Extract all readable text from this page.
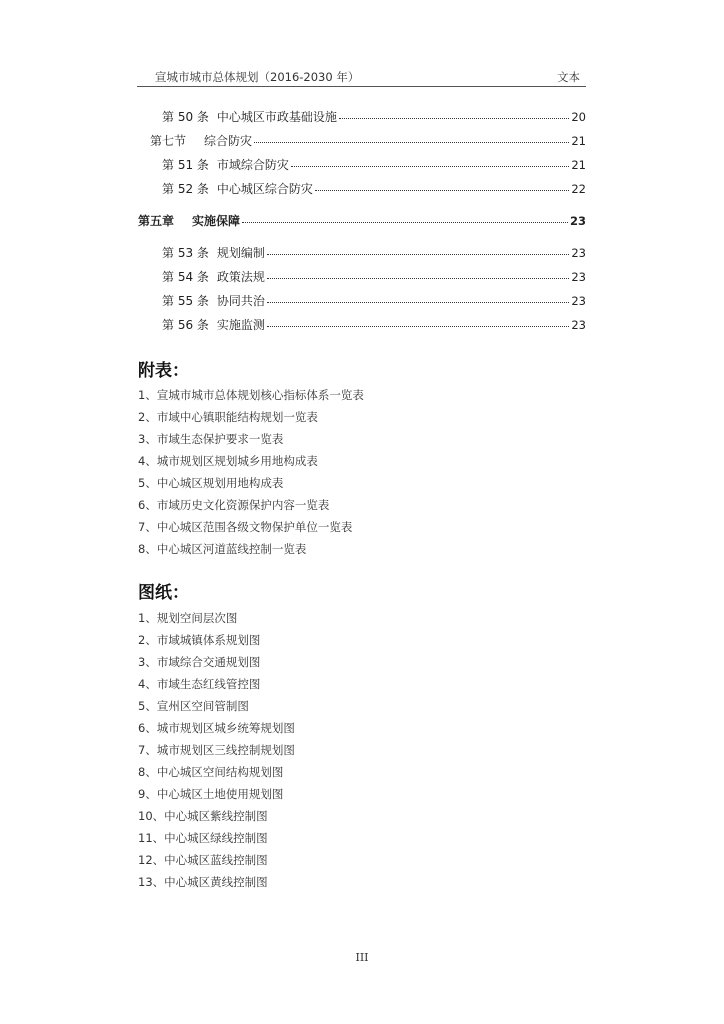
宣城市城市总体规划（2016-2030 年）	文本
第 50 条 中心城区市政基础设施	20
第七节 综合防灾	21
第 51 条 市域综合防灾	21
第 52 条 中心城区综合防灾	22
第五章 实施保障	23
第 53 条 规划编制	23
第 54 条 政策法规	23
第 55 条 协同共治	23
第 56 条 实施监测	23
附表：
1、宣城市城市总体规划核心指标体系一览表
2、市域中心镇职能结构规划一览表
3、市域生态保护要求一览表
4、城市规划区规划城乡用地构成表
5、中心城区规划用地构成表
6、市域历史文化资源保护内容一览表
7、中心城区范围各级文物保护单位一览表
8、中心城区河道蓝线控制一览表
图纸：
1、规划空间层次图
2、市域城镇体系规划图
3、市域综合交通规划图
4、市域生态红线管控图
5、宣州区空间管制图
6、城市规划区城乡统筹规划图
7、城市规划区三线控制规划图
8、中心城区空间结构规划图
9、中心城区土地使用规划图
10、中心城区紫线控制图
11、中心城区绿线控制图
12、中心城区蓝线控制图
13、中心城区黄线控制图
III
